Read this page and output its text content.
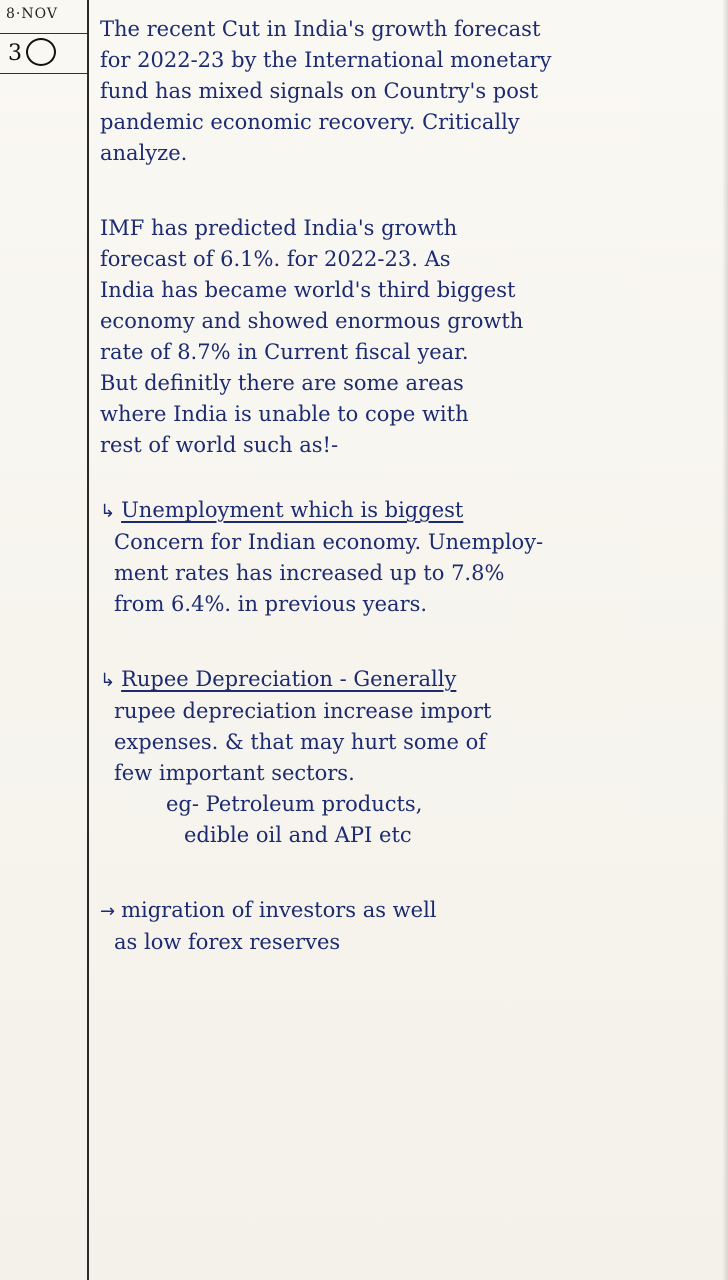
8·NOV
3
The recent Cut in India's growth forecast
for 2022-23 by the International monetary
fund has mixed signals on Country's post
pandemic economic recovery. Critically
analyze.
IMF has predicted India's growth
forecast of 6.1%. for 2022-23. As
India has became world's third biggest
economy and showed enormous growth
rate of 8.7% in Current fiscal year.
But definitly there are some areas
where India is unable to cope with
rest of world such as!-
↳ Unemployment which is biggest
Concern for Indian economy. Unemploy-
ment rates has increased up to 7.8%
from 6.4%. in previous years.
↳ Rupee Depreciation - Generally
rupee depreciation increase import
expenses. & that may hurt some of
few important sectors.
eg- Petroleum products,
edible oil and API etc
→ migration of investors as well
as low forex reserves
